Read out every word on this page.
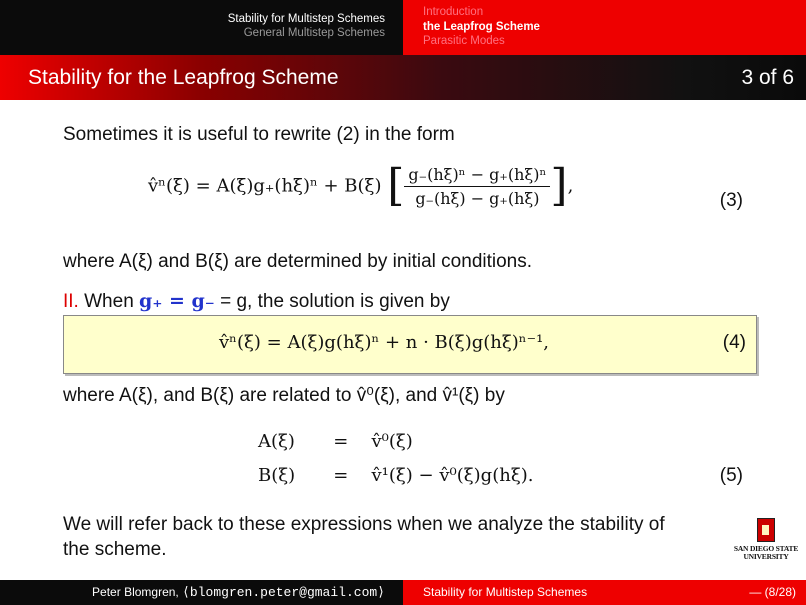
Stability for Multistep Schemes
General Multistep Schemes
Introduction
the Leapfrog Scheme
Parasitic Modes
Stability for the Leapfrog Scheme	3 of 6
Sometimes it is useful to rewrite (2) in the form
v̂ⁿ(ξ) = A(ξ)g₊(hξ)ⁿ + B(ξ) [ $\frac{\text{g₋(hξ)ⁿ − g₊(hξ)ⁿ}}{g_-(h\xi) - g_+(h\xi)}$ ],
(3)
where A(ξ) and B(ξ) are determined by initial conditions.
II. When g₊ = g₋ = g, the solution is given by
v̂ⁿ(ξ) = A(ξ)g(hξ)ⁿ + n · B(ξ)g(hξ)ⁿ⁻¹,	(4)
where A(ξ), and B(ξ) are related to v̂⁰(ξ), and v̂¹(ξ) by
A(ξ) = v̂⁰(ξ)
B(ξ) = v̂¹(ξ) − v̂⁰(ξ)g(hξ).	(5)
We will refer back to these expressions when we analyze the stability of
the scheme.	SAN DIEGO STATE
UNIVERSITY
Peter Blomgren, ⟨blomgren.peter@gmail.com⟩	Stability for Multistep Schemes	— (8/28)
